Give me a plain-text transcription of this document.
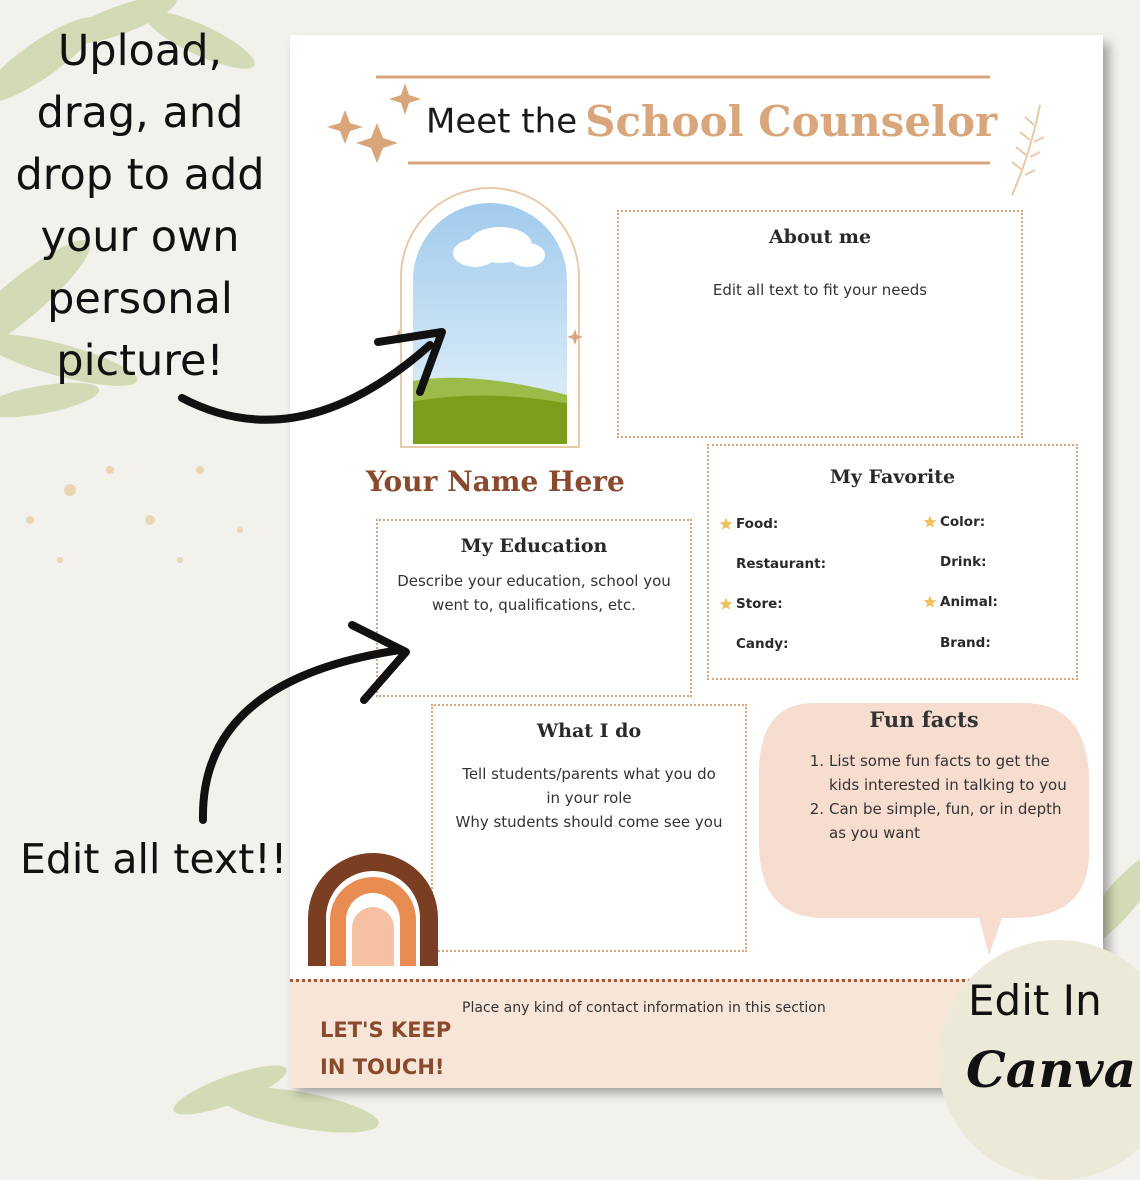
Upload,
drag, and
drop to add
your own
personal
picture!
Edit all text!!
Meet the School Counselor
Your Name Here
About me
Edit all text to fit your needs
My Favorite
Food:	Color:
Restaurant:	Drink:
Store:	Animal:
Candy:	Brand:
My Education
Describe your education, school you
went to, qualifications, etc.
What I do
Tell students/parents what you do
in your role
Why students should come see you
Fun facts
1. List some fun facts to get the
kids interested in talking to you
2. Can be simple, fun, or in depth
as you want
LET'S KEEP
IN TOUCH!
Place any kind of contact information in this section	Edit In
Canva
